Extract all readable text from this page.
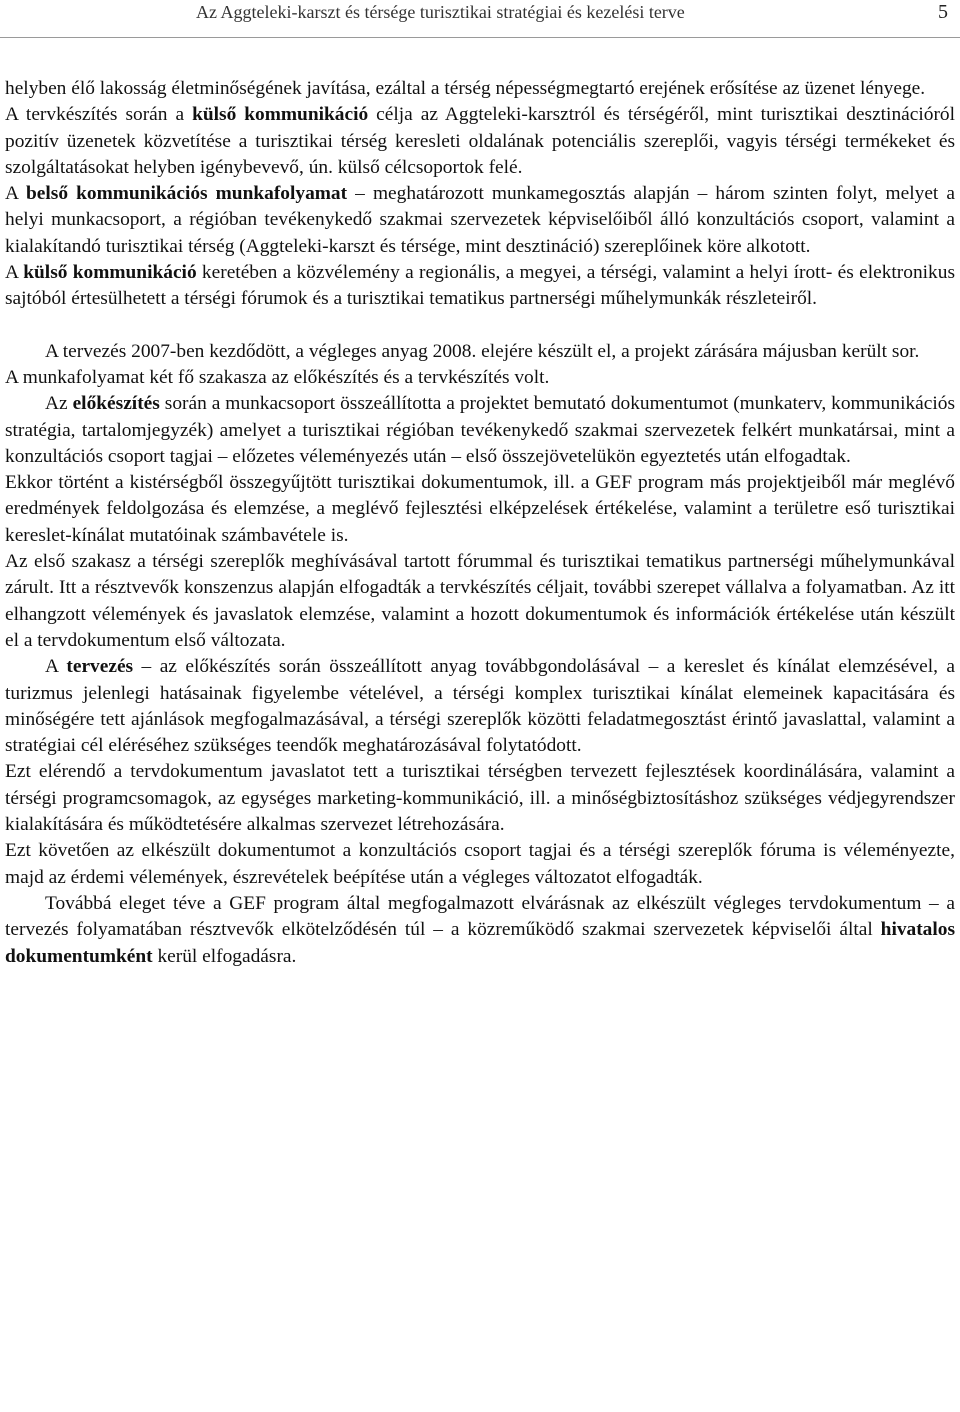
Az Aggteleki-karszt és térsége turisztikai stratégiai és kezelési terve	5

helyben élő lakosság életminőségének javítása, ezáltal a térség népességmegtartó erejének erősítése az üzenet lényege.

A tervkészítés során a külső kommunikáció célja az Aggteleki-karsztról és térségéről, mint turisztikai desztinációról pozitív üzenetek közvetítése a turisztikai térség keresleti oldalának potenciális szereplői, vagyis térségi termékeket és szolgáltatásokat helyben igénybevevő, ún. külső célcsoportok felé.

A belső kommunikációs munkafolyamat – meghatározott munkamegosztás alapján – három szinten folyt, melyet a helyi munkacsoport, a régióban tevékenykedő szakmai szervezetek képviselőiből álló konzultációs csoport, valamint a kialakítandó turisztikai térség (Aggteleki-karszt és térsége, mint desztináció) szereplőinek köre alkotott.

A külső kommunikáció keretében a közvélemény a regionális, a megyei, a térségi, valamint a helyi írott- és elektronikus sajtóból értesülhetett a térségi fórumok és a turisztikai tematikus partnerségi műhelymunkák részleteiről.

A tervezés 2007-ben kezdődött, a végleges anyag 2008. elejére készült el, a projekt zárására májusban került sor.

A munkafolyamat két fő szakasza az előkészítés és a tervkészítés volt.

Az előkészítés során a munkacsoport összeállította a projektet bemutató dokumentumot (munkaterv, kommunikációs stratégia, tartalomjegyzék) amelyet a turisztikai régióban tevékenykedő szakmai szervezetek felkért munkatársai, mint a konzultációs csoport tagjai – előzetes véleményezés után – első összejövetelükön egyeztetés után elfogadtak.

Ekkor történt a kistérségből összegyűjtött turisztikai dokumentumok, ill. a GEF program más projektjeiből már meglévő eredmények feldolgozása és elemzése, a meglévő fejlesztési elképzelések értékelése, valamint a területre eső turisztikai kereslet-kínálat mutatóinak számbavétele is.

Az első szakasz a térségi szereplők meghívásával tartott fórummal és turisztikai tematikus partnerségi műhelymunkával zárult. Itt a résztvevők konszenzus alapján elfogadták a tervkészítés céljait, további szerepet vállalva a folyamatban. Az itt elhangzott vélemények és javaslatok elemzése, valamint a hozott dokumentumok és információk értékelése után készült el a tervdokumentum első változata.

A tervezés – az előkészítés során összeállított anyag továbbgondolásával – a kereslet és kínálat elemzésével, a turizmus jelenlegi hatásainak figyelembe vételével, a térségi komplex turisztikai kínálat elemeinek kapacitására és minőségére tett ajánlások megfogalmazásával, a térségi szereplők közötti feladatmegosztást érintő javaslattal, valamint a stratégiai cél eléréséhez szükséges teendők meghatározásával folytatódott.

Ezt elérendő a tervdokumentum javaslatot tett a turisztikai térségben tervezett fejlesztések koordinálására, valamint a térségi programcsomagok, az egységes marketing-kommunikáció, ill. a minőségbiztosításhoz szükséges védjegyrendszer kialakítására és működtetésére alkalmas szervezet létrehozására.

Ezt követően az elkészült dokumentumot a konzultációs csoport tagjai és a térségi szereplők fóruma is véleményezte, majd az érdemi vélemények, észrevételek beépítése után a végleges változatot elfogadták.

Továbbá eleget téve a GEF program által megfogalmazott elvárásnak az elkészült végleges tervdokumentum – a tervezés folyamatában résztvevők elkötelződésén túl – a közreműködő szakmai szervezetek képviselői által hivatalos dokumentumként kerül elfogadásra.
